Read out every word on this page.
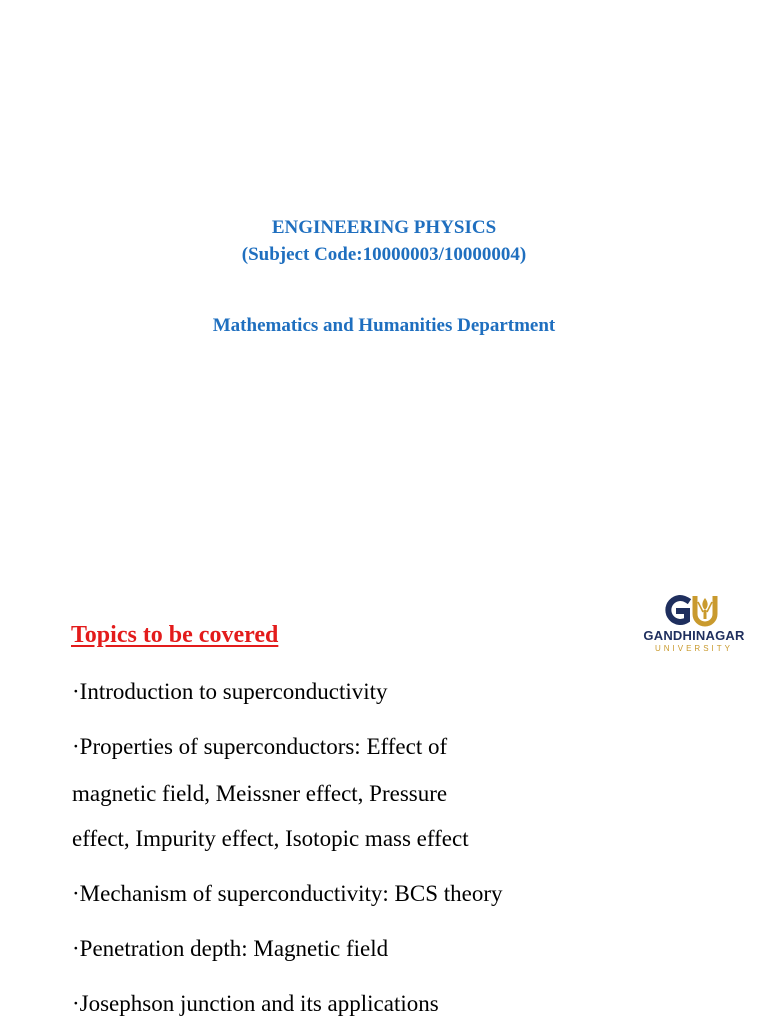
ENGINEERING PHYSICS
(Subject Code:10000003/10000004)
Mathematics and Humanities Department
GANDHINAGAR
UNIVERSITY
Topics to be covered
·Introduction to superconductivity
·Properties of superconductors: Effect of
magnetic field, Meissner effect, Pressure
effect, Impurity effect, Isotopic mass effect
·Mechanism of superconductivity: BCS theory
·Penetration depth: Magnetic field
·Josephson junction and its applications
